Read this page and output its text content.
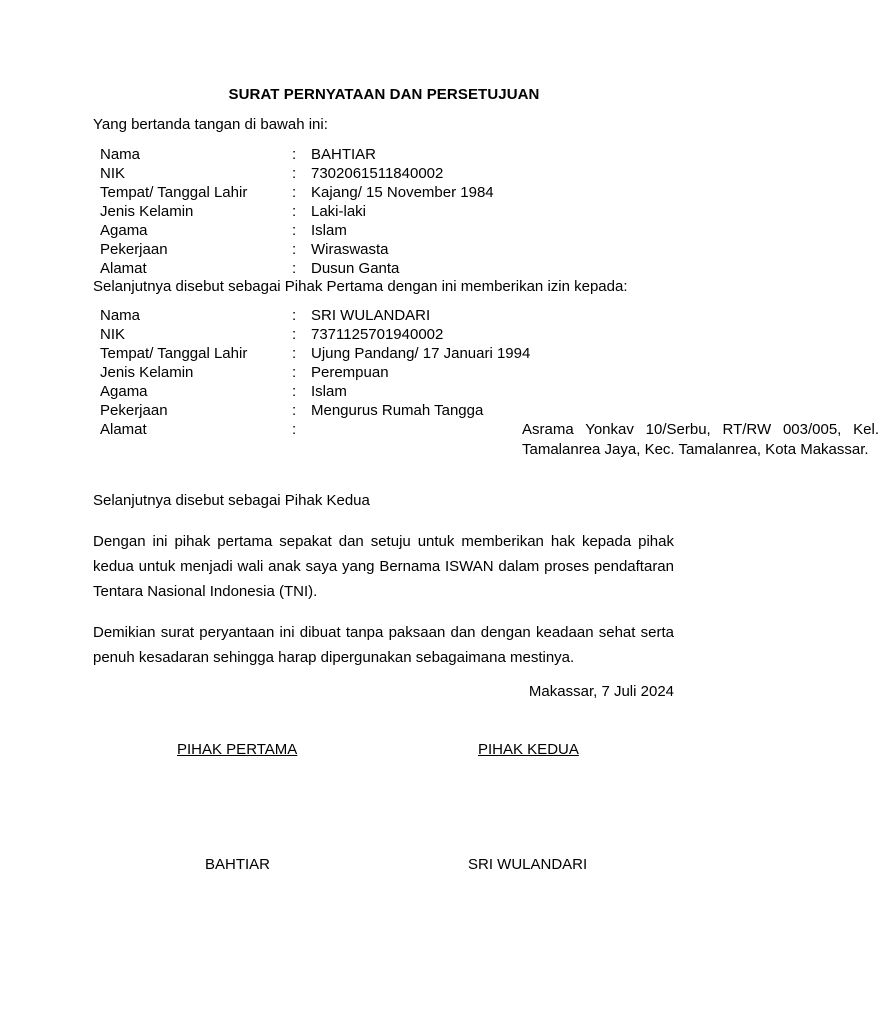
SURAT PERNYATAAN DAN PERSETUJUAN
Yang bertanda tangan di bawah ini:
Nama	: BAHTIAR
NIK	: 7302061511840002
Tempat/ Tanggal Lahir	: Kajang/ 15 November 1984
Jenis Kelamin	: Laki-laki
Agama	: Islam
Pekerjaan	: Wiraswasta
Alamat	: Dusun Ganta
Selanjutnya disebut sebagai Pihak Pertama dengan ini memberikan izin kepada:
Nama	: SRI WULANDARI
NIK	: 7371125701940002
Tempat/ Tanggal Lahir	: Ujung Pandang/ 17 Januari 1994
Jenis Kelamin	: Perempuan
Agama	: Islam
Pekerjaan	: Mengurus Rumah Tangga
Alamat	:	Asrama Yonkav 10/Serbu, RT/RW 003/005, Kel. Tamalanrea Jaya, Kec. Tamalanrea, Kota Makassar.
Selanjutnya disebut sebagai Pihak Kedua
Dengan ini pihak pertama sepakat dan setuju untuk memberikan hak kepada pihak kedua untuk menjadi wali anak saya yang Bernama ISWAN dalam proses pendaftaran Tentara Nasional Indonesia (TNI).
Demikian surat peryantaan ini dibuat tanpa paksaan dan dengan keadaan sehat serta penuh kesadaran sehingga harap dipergunakan sebagaimana mestinya.
Makassar, 7 Juli 2024
PIHAK PERTAMA	PIHAK KEDUA
BAHTIAR	SRI WULANDARI
